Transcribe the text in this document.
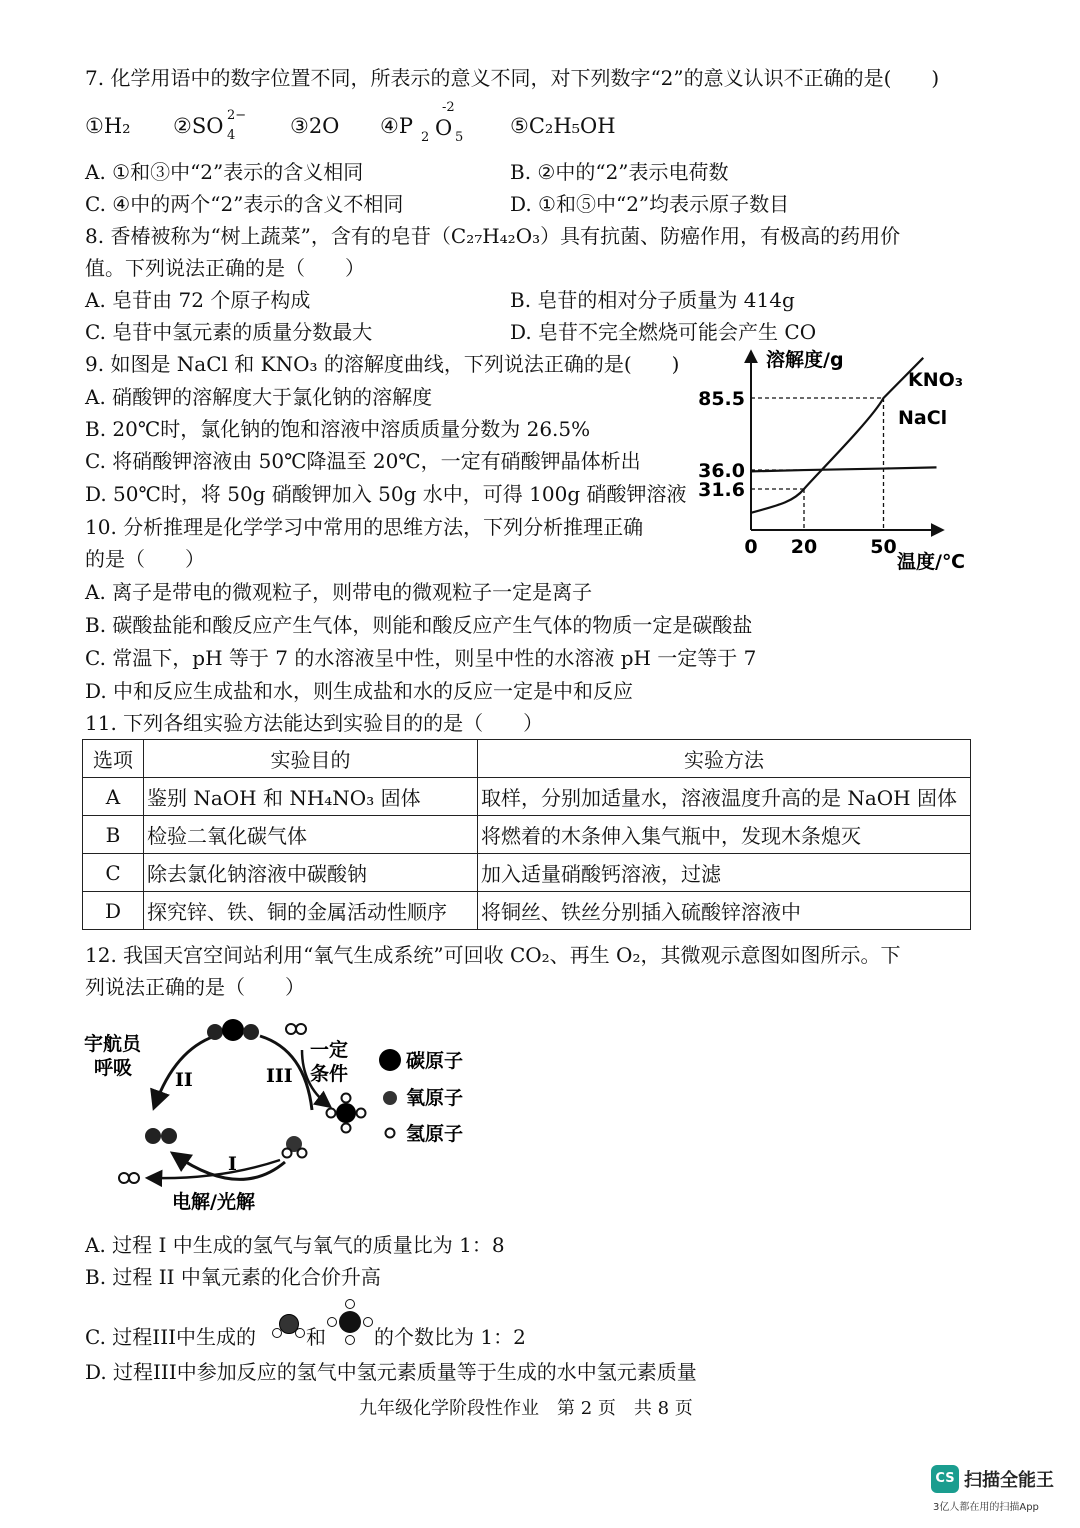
7. 化学用语中的数字位置不同，所表示的意义不同，对下列数字“2”的意义认识不正确的是(　　)
①H₂ ②SO 2−
4	③2O ④P
-2
2 O 5 ⑤C₂H₅OH
A. ①和③中“2”表示的含义相同	B. ②中的“2”表示电荷数
C. ④中的两个“2”表示的含义不相同	D. ①和⑤中“2”均表示原子数目
8. 香椿被称为“树上蔬菜”，含有的皂苷（C₂₇H₄₂O₃）具有抗菌、防癌作用，有极高的药用价
值。下列说法正确的是（　　）
A. 皂苷由 72 个原子构成	B. 皂苷的相对分子质量为 414g
C. 皂苷中氢元素的质量分数最大	D. 皂苷不完全燃烧可能会产生 CO
9. 如图是 NaCl 和 KNO₃ 的溶解度曲线，下列说法正确的是(　　)
A. 硝酸钾的溶解度大于氯化钠的溶解度
B. 20℃时，氯化钠的饱和溶液中溶质质量分数为 26.5%
C. 将硝酸钾溶液由 50℃降温至 20℃，一定有硝酸钾晶体析出
D. 50℃时，将 50g 硝酸钾加入 50g 水中，可得 100g 硝酸钾溶液
溶解度/g
温度/℃
0 20	50
85.5
36.0
31.6
KNO₃
NaCl
10. 分析推理是化学学习中常用的思维方法，下列分析推理正确
的是（　　）
A. 离子是带电的微观粒子，则带电的微观粒子一定是离子
B. 碳酸盐能和酸反应产生气体，则能和酸反应产生气体的物质一定是碳酸盐
C. 常温下，pH 等于 7 的水溶液呈中性，则呈中性的水溶液 pH 一定等于 7
D. 中和反应生成盐和水，则生成盐和水的反应一定是中和反应
11. 下列各组实验方法能达到实验目的的是（　　）
选项	实验目的	实验方法
A	鉴别 NaOH 和 NH₄NO₃ 固体	取样，分别加适量水，溶液温度升高的是 NaOH 固体
B	检验二氧化碳气体	将燃着的木条伸入集气瓶中，发现木条熄灭
C	除去氯化钠溶液中碳酸钠	加入适量硝酸钙溶液，过滤
D	探究锌、铁、铜的金属活动性顺序	将铜丝、铁丝分别插入硫酸锌溶液中
12. 我国天宫空间站利用“氧气生成系统”可回收 CO₂、再生 O₂，其微观示意图如图所示。下
列说法正确的是（　　）
宇航员
呼吸
一定
条件
II	III
I
电解/光解
碳原子
氧原子
氢原子
A. 过程 I 中生成的氢气与氧气的质量比为 1：8
B. 过程 II 中氧元素的化合价升高
C. 过程III中生成的 和 的个数比为 1：2
D. 过程III中参加反应的氢气中氢元素质量等于生成的水中氢元素质量
九年级化学阶段性作业　第 2 页　共 8 页
CS 扫描全能王
3亿人都在用的扫描App
